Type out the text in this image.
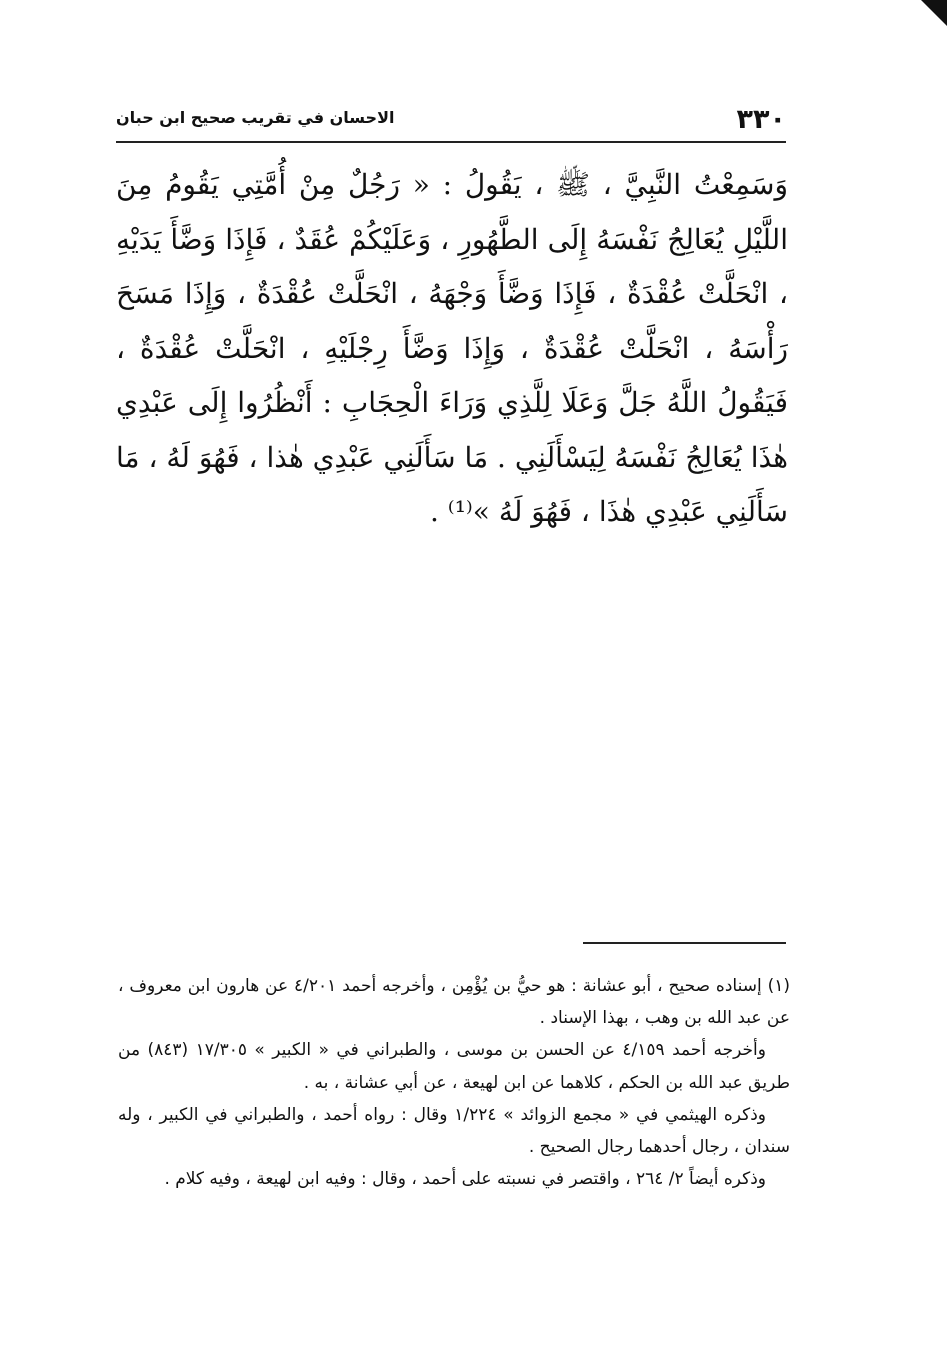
٣٣٠
الاحسان في تقريب صحيح ابن حبان

وَسَمِعْتُ النَّبِيَّ ، ﷺ ، يَقُولُ : « رَجُلٌ مِنْ أُمَّتِي يَقُومُ مِنَ اللَّيْلِ يُعَالِجُ نَفْسَهُ إِلَى الطَّهُورِ ، وَعَلَيْكُمْ عُقَدٌ ، فَإِذَا وَضَّأَ يَدَيْهِ ، انْحَلَّتْ عُقْدَةٌ ، فَإِذَا وَضَّأَ وَجْهَهُ ، انْحَلَّتْ عُقْدَةٌ ، وَإِذَا مَسَحَ رَأْسَهُ ، انْحَلَّتْ عُقْدَةٌ ، وَإِذَا وَضَّأَ رِجْلَيْهِ ، انْحَلَّتْ عُقْدَةٌ ، فَيَقُولُ اللَّهُ جَلَّ وَعَلَا لِلَّذِي وَرَاءَ الْحِجَابِ : أَنْظُرُوا إِلَى عَبْدِي هٰذَا يُعَالِجُ نَفْسَهُ لِيَسْأَلَنِي . مَا سَأَلَنِي عَبْدِي هٰذا ، فَهُوَ لَهُ ، مَا سَأَلَنِي عَبْدِي هٰذَا ، فَهُوَ لَهُ »⁽¹⁾ .

(١) إسناده صحيح ، أبو عشانة : هو حيُّ بن يُؤْمِن ، وأخرجه أحمد ٤/٢٠١ عن هارون ابن معروف ، عن عبد الله بن وهب ، بهذا الإسناد .

وأخرجه أحمد ٤/١٥٩ عن الحسن بن موسى ، والطبراني في « الكبير » ١٧/٣٠٥ (٨٤٣) من طريق عبد الله بن الحكم ، كلاهما عن ابن لهيعة ، عن أبي عشانة ، به .

وذكره الهيثمي في « مجمع الزوائد » ١/٢٢٤ وقال : رواه أحمد ، والطبراني في الكبير ، وله سندان ، رجال أحدهما رجال الصحيح .

وذكره أيضاً ٢/ ٢٦٤ ، واقتصر في نسبته على أحمد ، وقال : وفيه ابن لهيعة ، وفيه كلام .
